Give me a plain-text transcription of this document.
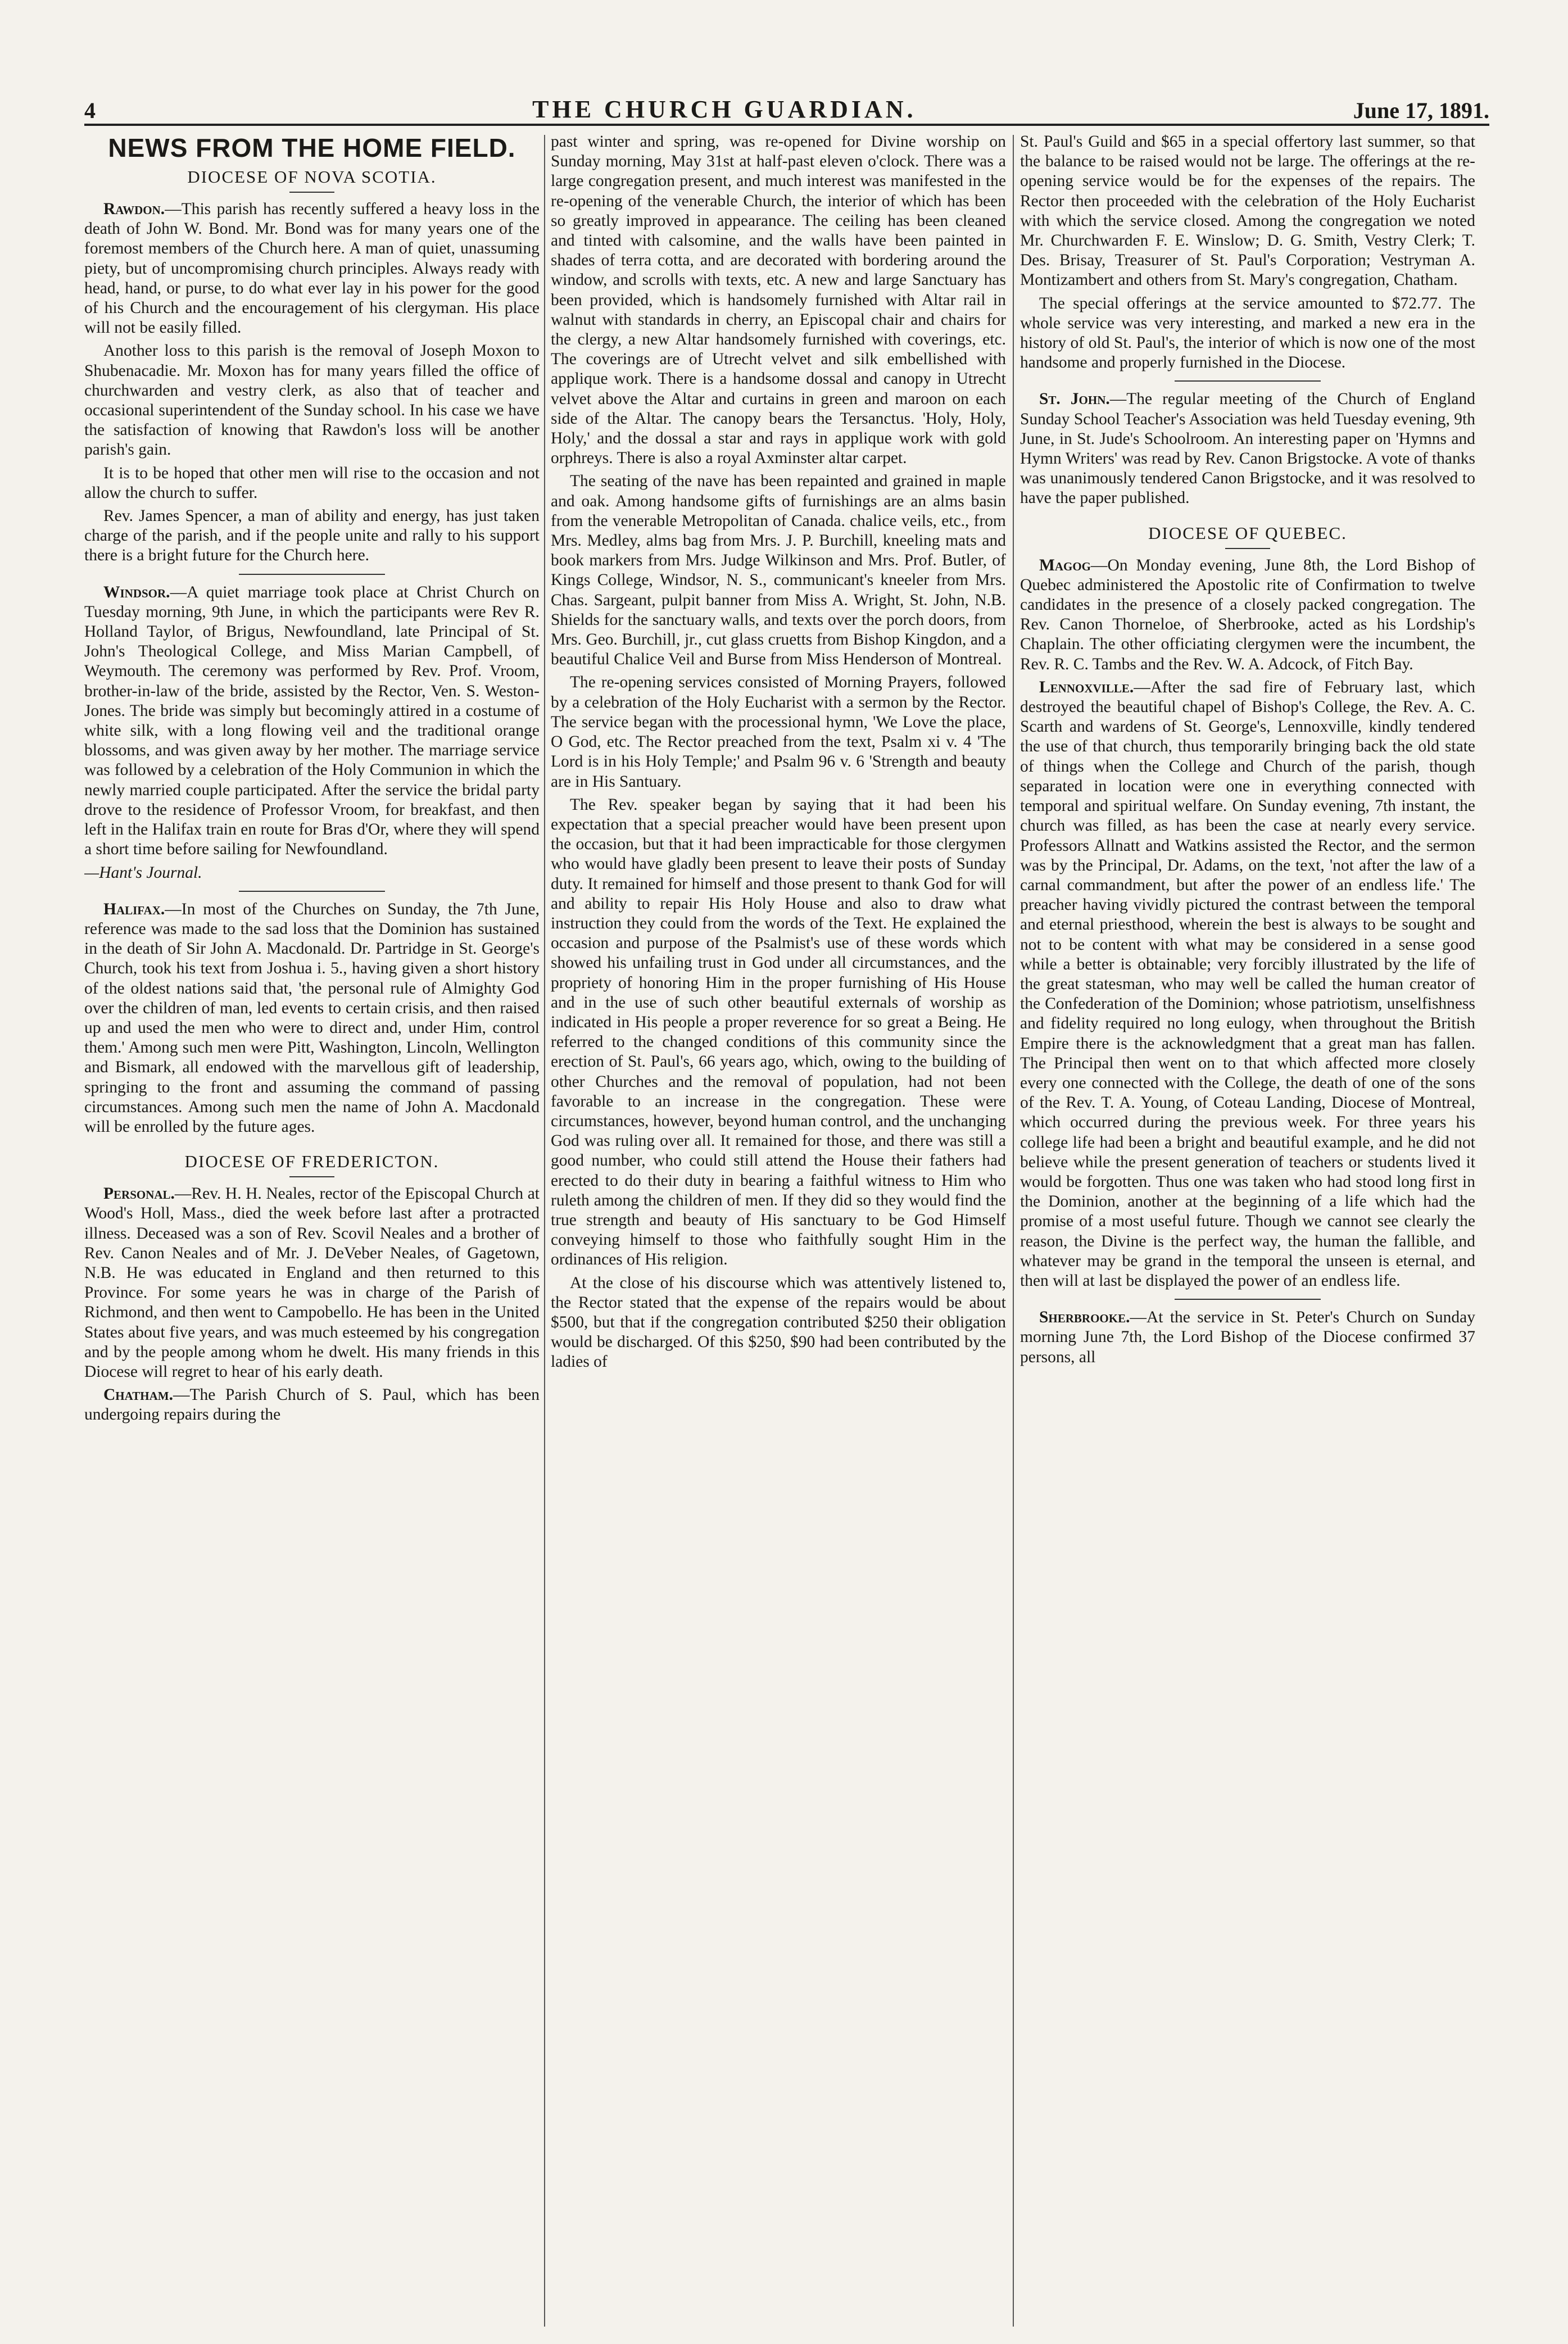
4	THE CHURCH GUARDIAN.	June 17, 1891.
NEWS FROM THE HOME FIELD.
DIOCESE OF NOVA SCOTIA.

Rawdon.—This parish has recently suffered a heavy loss in the death of John W. Bond. Mr. Bond was for many years one of the foremost members of the Church here. A man of quiet, unassuming piety, but of uncompromising church principles. Always ready with head, hand, or purse, to do what ever lay in his power for the good of his Church and the encouragement of his clergyman. His place will not be easily filled.

Another loss to this parish is the removal of Joseph Moxon to Shubenacadie. Mr. Moxon has for many years filled the office of churchwarden and vestry clerk, as also that of teacher and occasional superintendent of the Sunday school. In his case we have the satisfaction of knowing that Rawdon's loss will be another parish's gain.

It is to be hoped that other men will rise to the occasion and not allow the church to suffer.

Rev. James Spencer, a man of ability and energy, has just taken charge of the parish, and if the people unite and rally to his support there is a bright future for the Church here.

Windsor.—A quiet marriage took place at Christ Church on Tuesday morning, 9th June, in which the participants were Rev R. Holland Taylor, of Brigus, Newfoundland, late Principal of St. John's Theological College, and Miss Marian Campbell, of Weymouth. The ceremony was performed by Rev. Prof. Vroom, brother-in-law of the bride, assisted by the Rector, Ven. S. Weston-Jones. The bride was simply but becomingly attired in a costume of white silk, with a long flowing veil and the traditional orange blossoms, and was given away by her mother. The marriage service was followed by a celebration of the Holy Communion in which the newly married couple participated. After the service the bridal party drove to the residence of Professor Vroom, for breakfast, and then left in the Halifax train en route for Bras d'Or, where they will spend a short time before sailing for Newfoundland.

—Hant's Journal.

Halifax.—In most of the Churches on Sunday, the 7th June, reference was made to the sad loss that the Dominion has sustained in the death of Sir John A. Macdonald. Dr. Partridge in St. George's Church, took his text from Joshua i. 5., having given a short history of the oldest nations said that, 'the personal rule of Almighty God over the children of man, led events to certain crisis, and then raised up and used the men who were to direct and, under Him, control them.' Among such men were Pitt, Washington, Lincoln, Wellington and Bismark, all endowed with the marvellous gift of leadership, springing to the front and assuming the command of passing circumstances. Among such men the name of John A. Macdonald will be enrolled by the future ages.

DIOCESE OF FREDERICTON.

Personal.—Rev. H. H. Neales, rector of the Episcopal Church at Wood's Holl, Mass., died the week before last after a protracted illness. Deceased was a son of Rev. Scovil Neales and a brother of Rev. Canon Neales and of Mr. J. DeVeber Neales, of Gagetown, N.B. He was educated in England and then returned to this Province. For some years he was in charge of the Parish of Richmond, and then went to Campobello. He has been in the United States about five years, and was much esteemed by his congregation and by the people among whom he dwelt. His many friends in this Diocese will regret to hear of his early death.

Chatham.—The Parish Church of S. Paul, which has been undergoing repairs during the

past winter and spring, was re-opened for Divine worship on Sunday morning, May 31st at half-past eleven o'clock. There was a large congregation present, and much interest was manifested in the re-opening of the venerable Church, the interior of which has been so greatly improved in appearance. The ceiling has been cleaned and tinted with calsomine, and the walls have been painted in shades of terra cotta, and are decorated with bordering around the window, and scrolls with texts, etc. A new and large Sanctuary has been provided, which is handsomely furnished with Altar rail in walnut with standards in cherry, an Episcopal chair and chairs for the clergy, a new Altar handsomely furnished with coverings, etc. The coverings are of Utrecht velvet and silk embellished with applique work. There is a handsome dossal and canopy in Utrecht velvet above the Altar and curtains in green and maroon on each side of the Altar. The canopy bears the Tersanctus. 'Holy, Holy, Holy,' and the dossal a star and rays in applique work with gold orphreys. There is also a royal Axminster altar carpet.

The seating of the nave has been repainted and grained in maple and oak. Among handsome gifts of furnishings are an alms basin from the venerable Metropolitan of Canada. chalice veils, etc., from Mrs. Medley, alms bag from Mrs. J. P. Burchill, kneeling mats and book markers from Mrs. Judge Wilkinson and Mrs. Prof. Butler, of Kings College, Windsor, N. S., communicant's kneeler from Mrs. Chas. Sargeant, pulpit banner from Miss A. Wright, St. John, N.B. Shields for the sanctuary walls, and texts over the porch doors, from Mrs. Geo. Burchill, jr., cut glass cruetts from Bishop Kingdon, and a beautiful Chalice Veil and Burse from Miss Henderson of Montreal.

The re-opening services consisted of Morning Prayers, followed by a celebration of the Holy Eucharist with a sermon by the Rector. The service began with the processional hymn, 'We Love the place, O God, etc. The Rector preached from the text, Psalm xi v. 4 'The Lord is in his Holy Temple;' and Psalm 96 v. 6 'Strength and beauty are in His Santuary.

The Rev. speaker began by saying that it had been his expectation that a special preacher would have been present upon the occasion, but that it had been impracticable for those clergymen who would have gladly been present to leave their posts of Sunday duty. It remained for himself and those present to thank God for will and ability to repair His Holy House and also to draw what instruction they could from the words of the Text. He explained the occasion and purpose of the Psalmist's use of these words which showed his unfailing trust in God under all circumstances, and the propriety of honoring Him in the proper furnishing of His House and in the use of such other beautiful externals of worship as indicated in His people a proper reverence for so great a Being. He referred to the changed conditions of this community since the erection of St. Paul's, 66 years ago, which, owing to the building of other Churches and the removal of population, had not been favorable to an increase in the congregation. These were circumstances, however, beyond human control, and the unchanging God was ruling over all. It remained for those, and there was still a good number, who could still attend the House their fathers had erected to do their duty in bearing a faithful witness to Him who ruleth among the children of men. If they did so they would find the true strength and beauty of His sanctuary to be God Himself conveying himself to those who faithfully sought Him in the ordinances of His religion.

At the close of his discourse which was attentively listened to, the Rector stated that the expense of the repairs would be about $500, but that if the congregation contributed $250 their obligation would be discharged. Of this $250, $90 had been contributed by the ladies of

St. Paul's Guild and $65 in a special offertory last summer, so that the balance to be raised would not be large. The offerings at the re-opening service would be for the expenses of the repairs. The Rector then proceeded with the celebration of the Holy Eucharist with which the service closed. Among the congregation we noted Mr. Churchwarden F. E. Winslow; D. G. Smith, Vestry Clerk; T. Des. Brisay, Treasurer of St. Paul's Corporation; Vestryman A. Montizambert and others from St. Mary's congregation, Chatham.

The special offerings at the service amounted to $72.77. The whole service was very interesting, and marked a new era in the history of old St. Paul's, the interior of which is now one of the most handsome and properly furnished in the Diocese.

St. John.—The regular meeting of the Church of England Sunday School Teacher's Association was held Tuesday evening, 9th June, in St. Jude's Schoolroom. An interesting paper on 'Hymns and Hymn Writers' was read by Rev. Canon Brigstocke. A vote of thanks was unanimously tendered Canon Brigstocke, and it was resolved to have the paper published.

DIOCESE OF QUEBEC.

Magog—On Monday evening, June 8th, the Lord Bishop of Quebec administered the Apostolic rite of Confirmation to twelve candidates in the presence of a closely packed congregation. The Rev. Canon Thorneloe, of Sherbrooke, acted as his Lordship's Chaplain. The other officiating clergymen were the incumbent, the Rev. R. C. Tambs and the Rev. W. A. Adcock, of Fitch Bay.

Lennoxville.—After the sad fire of February last, which destroyed the beautiful chapel of Bishop's College, the Rev. A. C. Scarth and wardens of St. George's, Lennoxville, kindly tendered the use of that church, thus temporarily bringing back the old state of things when the College and Church of the parish, though separated in location were one in everything connected with temporal and spiritual welfare. On Sunday evening, 7th instant, the church was filled, as has been the case at nearly every service. Professors Allnatt and Watkins assisted the Rector, and the sermon was by the Principal, Dr. Adams, on the text, 'not after the law of a carnal commandment, but after the power of an endless life.' The preacher having vividly pictured the contrast between the temporal and eternal priesthood, wherein the best is always to be sought and not to be content with what may be considered in a sense good while a better is obtainable; very forcibly illustrated by the life of the great statesman, who may well be called the human creator of the Confederation of the Dominion; whose patriotism, unselfishness and fidelity required no long eulogy, when throughout the British Empire there is the acknowledgment that a great man has fallen. The Principal then went on to that which affected more closely every one connected with the College, the death of one of the sons of the Rev. T. A. Young, of Coteau Landing, Diocese of Montreal, which occurred during the previous week. For three years his college life had been a bright and beautiful example, and he did not believe while the present generation of teachers or students lived it would be forgotten. Thus one was taken who had stood long first in the Dominion, another at the beginning of a life which had the promise of a most useful future. Though we cannot see clearly the reason, the Divine is the perfect way, the human the fallible, and whatever may be grand in the temporal the unseen is eternal, and then will at last be displayed the power of an endless life.

Sherbrooke.—At the service in St. Peter's Church on Sunday morning June 7th, the Lord Bishop of the Diocese confirmed 37 persons, all
